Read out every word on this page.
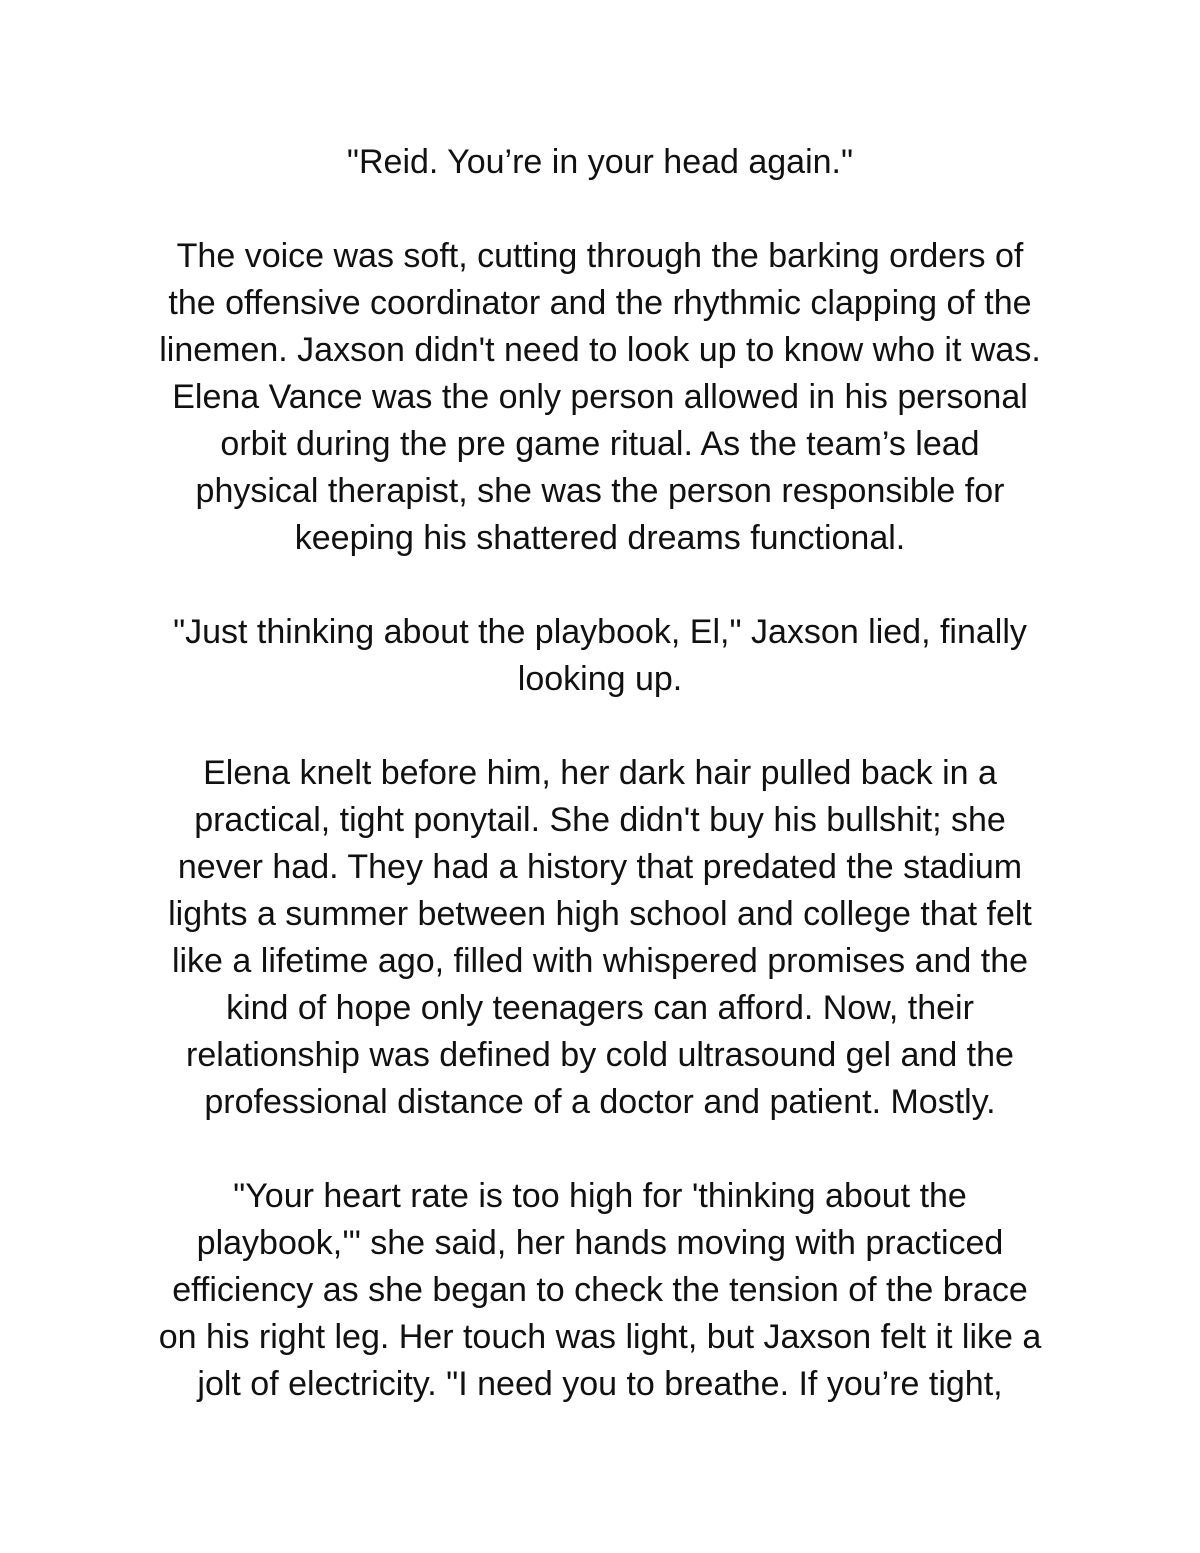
"Reid. You’re in your head again."

The voice was soft, cutting through the barking orders of
the offensive coordinator and the rhythmic clapping of the
linemen. Jaxson didn't need to look up to know who it was.
Elena Vance was the only person allowed in his personal
orbit during the pre game ritual. As the team’s lead
physical therapist, she was the person responsible for
keeping his shattered dreams functional.

"Just thinking about the playbook, El," Jaxson lied, finally
looking up.

Elena knelt before him, her dark hair pulled back in a
practical, tight ponytail. She didn't buy his bullshit; she
never had. They had a history that predated the stadium
lights a summer between high school and college that felt
like a lifetime ago, filled with whispered promises and the
kind of hope only teenagers can afford. Now, their
relationship was defined by cold ultrasound gel and the
professional distance of a doctor and patient. Mostly.

"Your heart rate is too high for 'thinking about the
playbook,'" she said, her hands moving with practiced
efficiency as she began to check the tension of the brace
on his right leg. Her touch was light, but Jaxson felt it like a
jolt of electricity. "I need you to breathe. If you’re tight,
